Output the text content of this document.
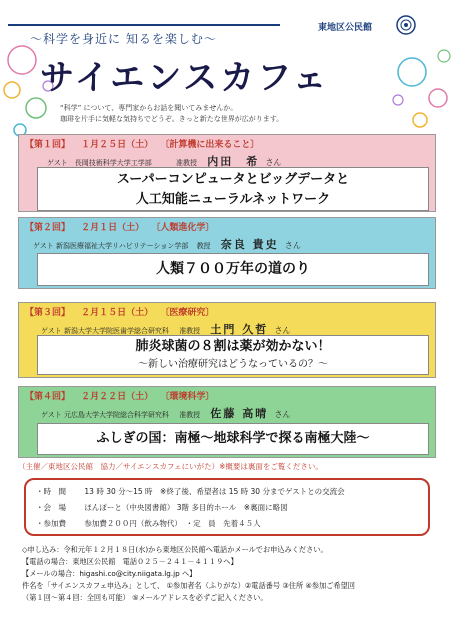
東地区公民館
～科学を身近に 知るを楽しむ～
サイエンスカフェ
“科学” について、専門家からお話を聞いてみませんか。
珈琲を片手に気軽な気持ちでどうぞ。きっと新たな世界が広がります。
【第１回】 １月２５日（土） 〔計算機に出来ること〕
ゲスト　長岡技術科学大学工学部	准教授 内田　希 さん
スーパーコンピュータとビッグデータと
人工知能ニューラルネットワーク
【第２回】 ２月１日（土） 〔人類進化学〕
ゲスト 新潟医療福祉大学リハビリテーション学部 教授 奈良 貴史 さん
人類７００万年の道のり
【第３回】 ２月１５日（土） 〔医療研究〕
ゲスト 新潟大学大学院医歯学総合研究科 准教授 土門 久哲 さん
肺炎球菌の８割は薬が効かない！
～新しい治療研究はどうなっているの？～
【第４回】 ２月２２日（土） 〔環境科学〕
ゲスト 元広島大学大学院総合科学研究科 准教授 佐藤 高晴 さん
ふしぎの国：南極～地球科学で探る南極大陸～
（主催／東地区公民館　協力／サイエンスカフェにいがた）※概要は裏面をご覧ください。
・時　間 13 時 30 分～15 時　※終了後、希望者は 15 時 30 分までゲストとの交流会
・会　場 ほんぽーと（中央図書館） 3階 多目的ホール　※裏面に略図
・参加費 参加費２００円（飲み物代）　・定　員　先着４５人
◇申し込み：令和元年１２月１８日(水)から東地区公民館へ電話かメールでお申込みください。
【電話の場合：東地区公民館　電話０２５－２４１－４１１９へ】
【メールの場合：higashi.co@city.niigata.lg.jp へ】
件名を「サイエンスカフェ申込み」として、 ①参加者名（ふりがな）②電話番号 ③住所 ④参加ご希望回
（第１回～第４回：全回も可能） ⑤メールアドレスを必ずご記入ください。
